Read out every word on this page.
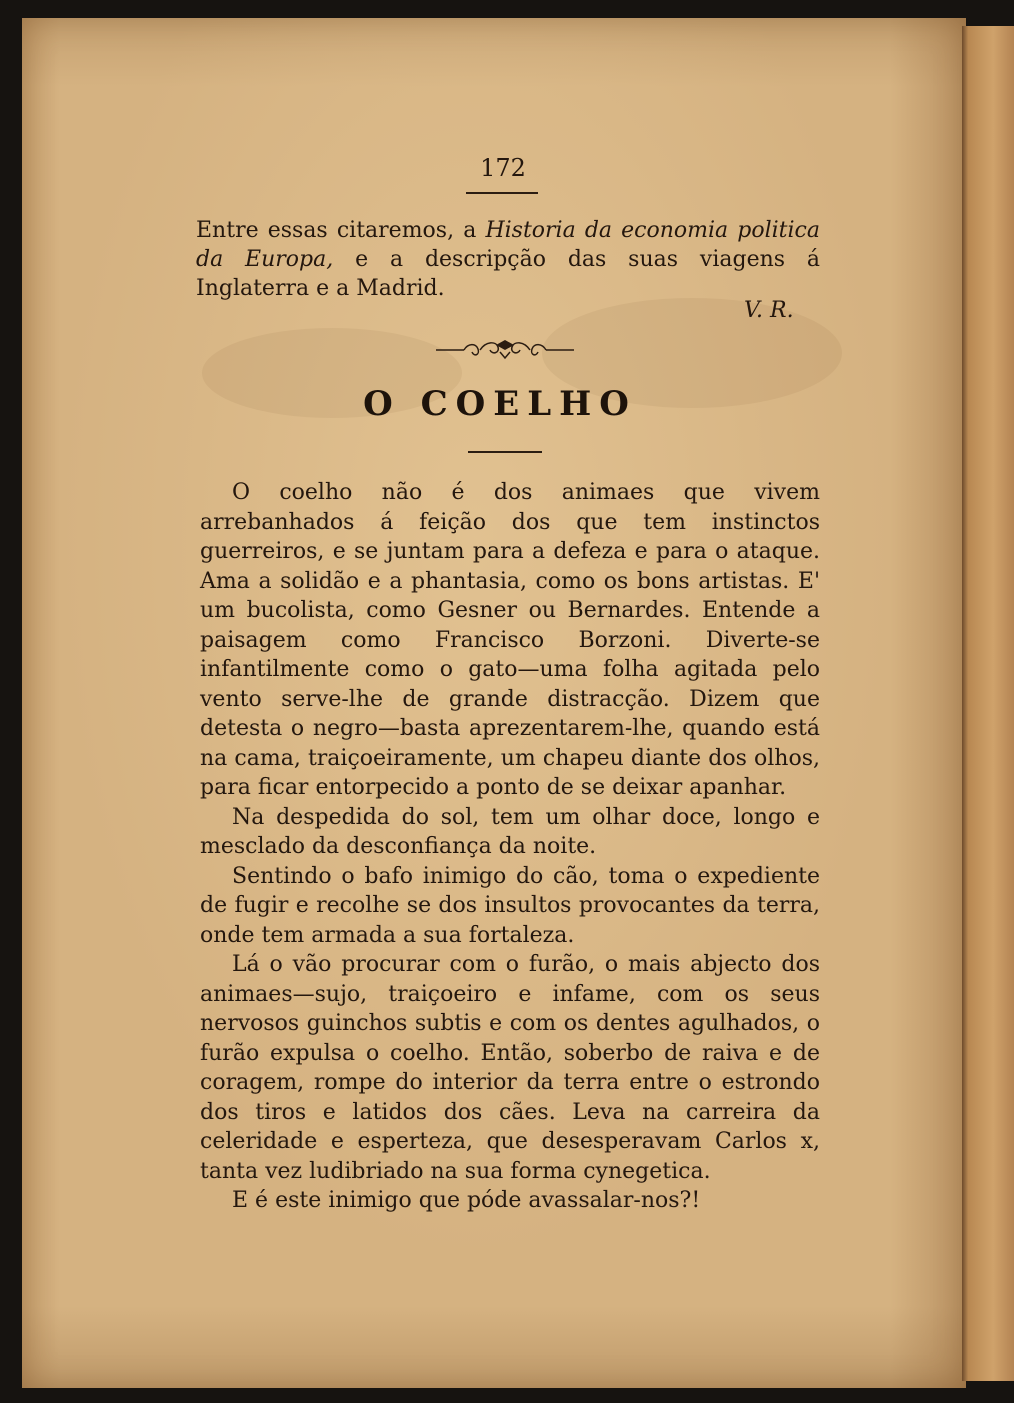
172
Entre essas citaremos, a Historia da economia politica da Europa, e a descripção das suas viagens á Inglaterra e a Madrid.
V. R.
O COELHO

O coelho não é dos animaes que vivem arrebanhados á feição dos que tem instinctos guerreiros, e se juntam para a defeza e para o ataque. Ama a solidão e a phantasia, como os bons artistas. E' um bucolista, como Gesner ou Bernardes. Entende a paisagem como Francisco Borzoni. Diverte-se infantilmente como o gato—uma folha agitada pelo vento serve-lhe de grande distracção. Dizem que detesta o negro—basta aprezentarem-lhe, quando está na cama, traiçoeiramente, um chapeu diante dos olhos, para ficar entorpecido a ponto de se deixar apanhar.

Na despedida do sol, tem um olhar doce, longo e mesclado da desconfiança da noite.

Sentindo o bafo inimigo do cão, toma o expediente de fugir e recolhe se dos insultos provocantes da terra, onde tem armada a sua fortaleza.

Lá o vão procurar com o furão, o mais abjecto dos animaes—sujo, traiçoeiro e infame, com os seus nervosos guinchos subtis e com os dentes agulhados, o furão expulsa o coelho. Então, soberbo de raiva e de coragem, rompe do interior da terra entre o estrondo dos tiros e latidos dos cães. Leva na carreira da celeridade e esperteza, que desesperavam Carlos x, tanta vez ludibriado na sua forma cynegetica.

E é este inimigo que póde avassalar-nos?!
